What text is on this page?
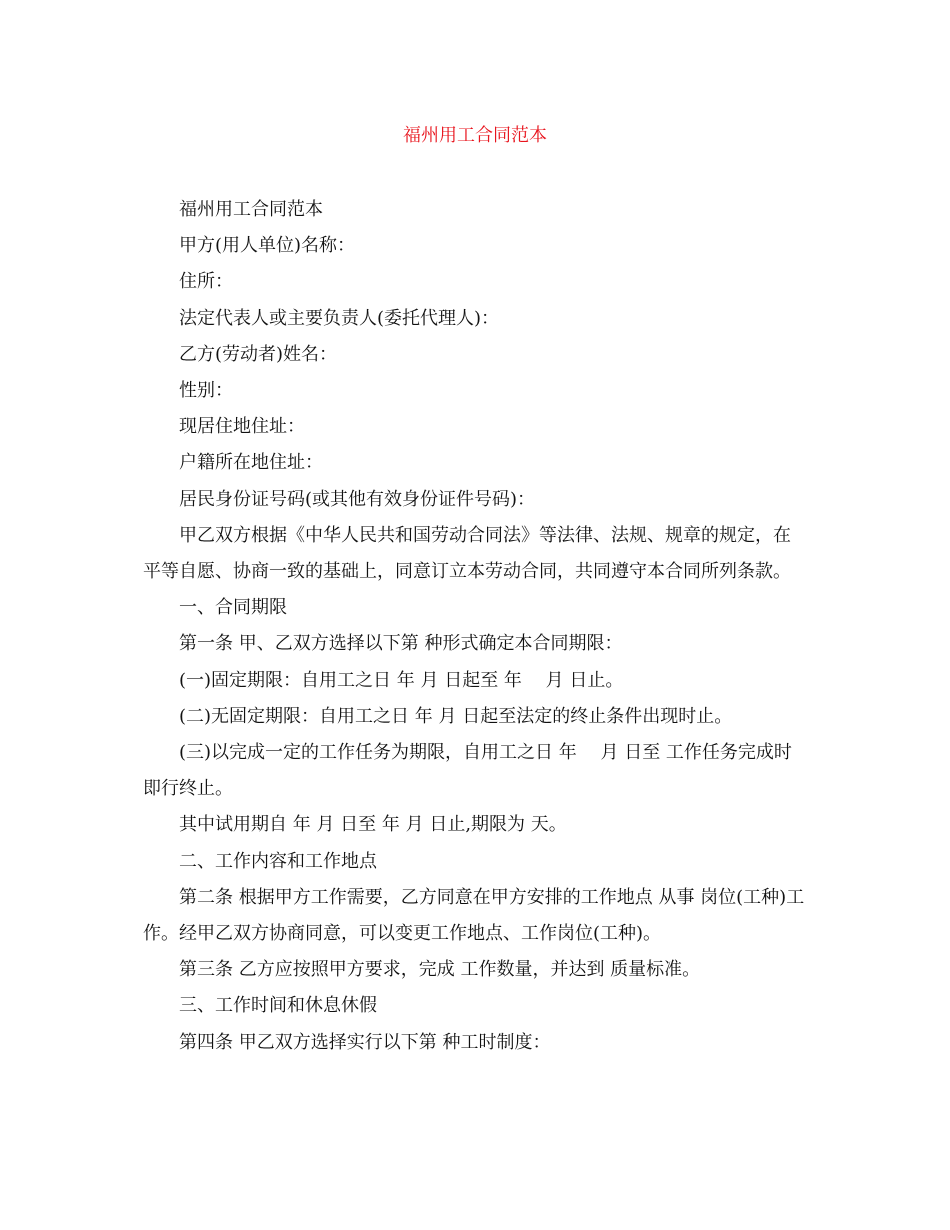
福州用工合同范本

福州用工合同范本

甲方(用人单位)名称：

住所：

法定代表人或主要负责人(委托代理人)：

乙方(劳动者)姓名：

性别：

现居住地住址：

户籍所在地住址：

居民身份证号码(或其他有效身份证件号码)：

甲乙双方根据《中华人民共和国劳动合同法》等法律、法规、规章的规定，在平等自愿、协商一致的基础上，同意订立本劳动合同，共同遵守本合同所列条款。

一、合同期限

第一条 甲、乙双方选择以下第 种形式确定本合同期限：

(一)固定期限：自用工之日 年 月 日起至 年 　月 日止。

(二)无固定期限：自用工之日 年 月 日起至法定的终止条件出现时止。

(三)以完成一定的工作任务为期限，自用工之日 年 　月 日至 工作任务完成时即行终止。

其中试用期自 年 月 日至 年 月 日止,期限为 天。

二、工作内容和工作地点

第二条 根据甲方工作需要，乙方同意在甲方安排的工作地点 从事 岗位(工种)工作。经甲乙双方协商同意，可以变更工作地点、工作岗位(工种)。

第三条 乙方应按照甲方要求，完成 工作数量，并达到 质量标准。

三、工作时间和休息休假

第四条 甲乙双方选择实行以下第 种工时制度：
